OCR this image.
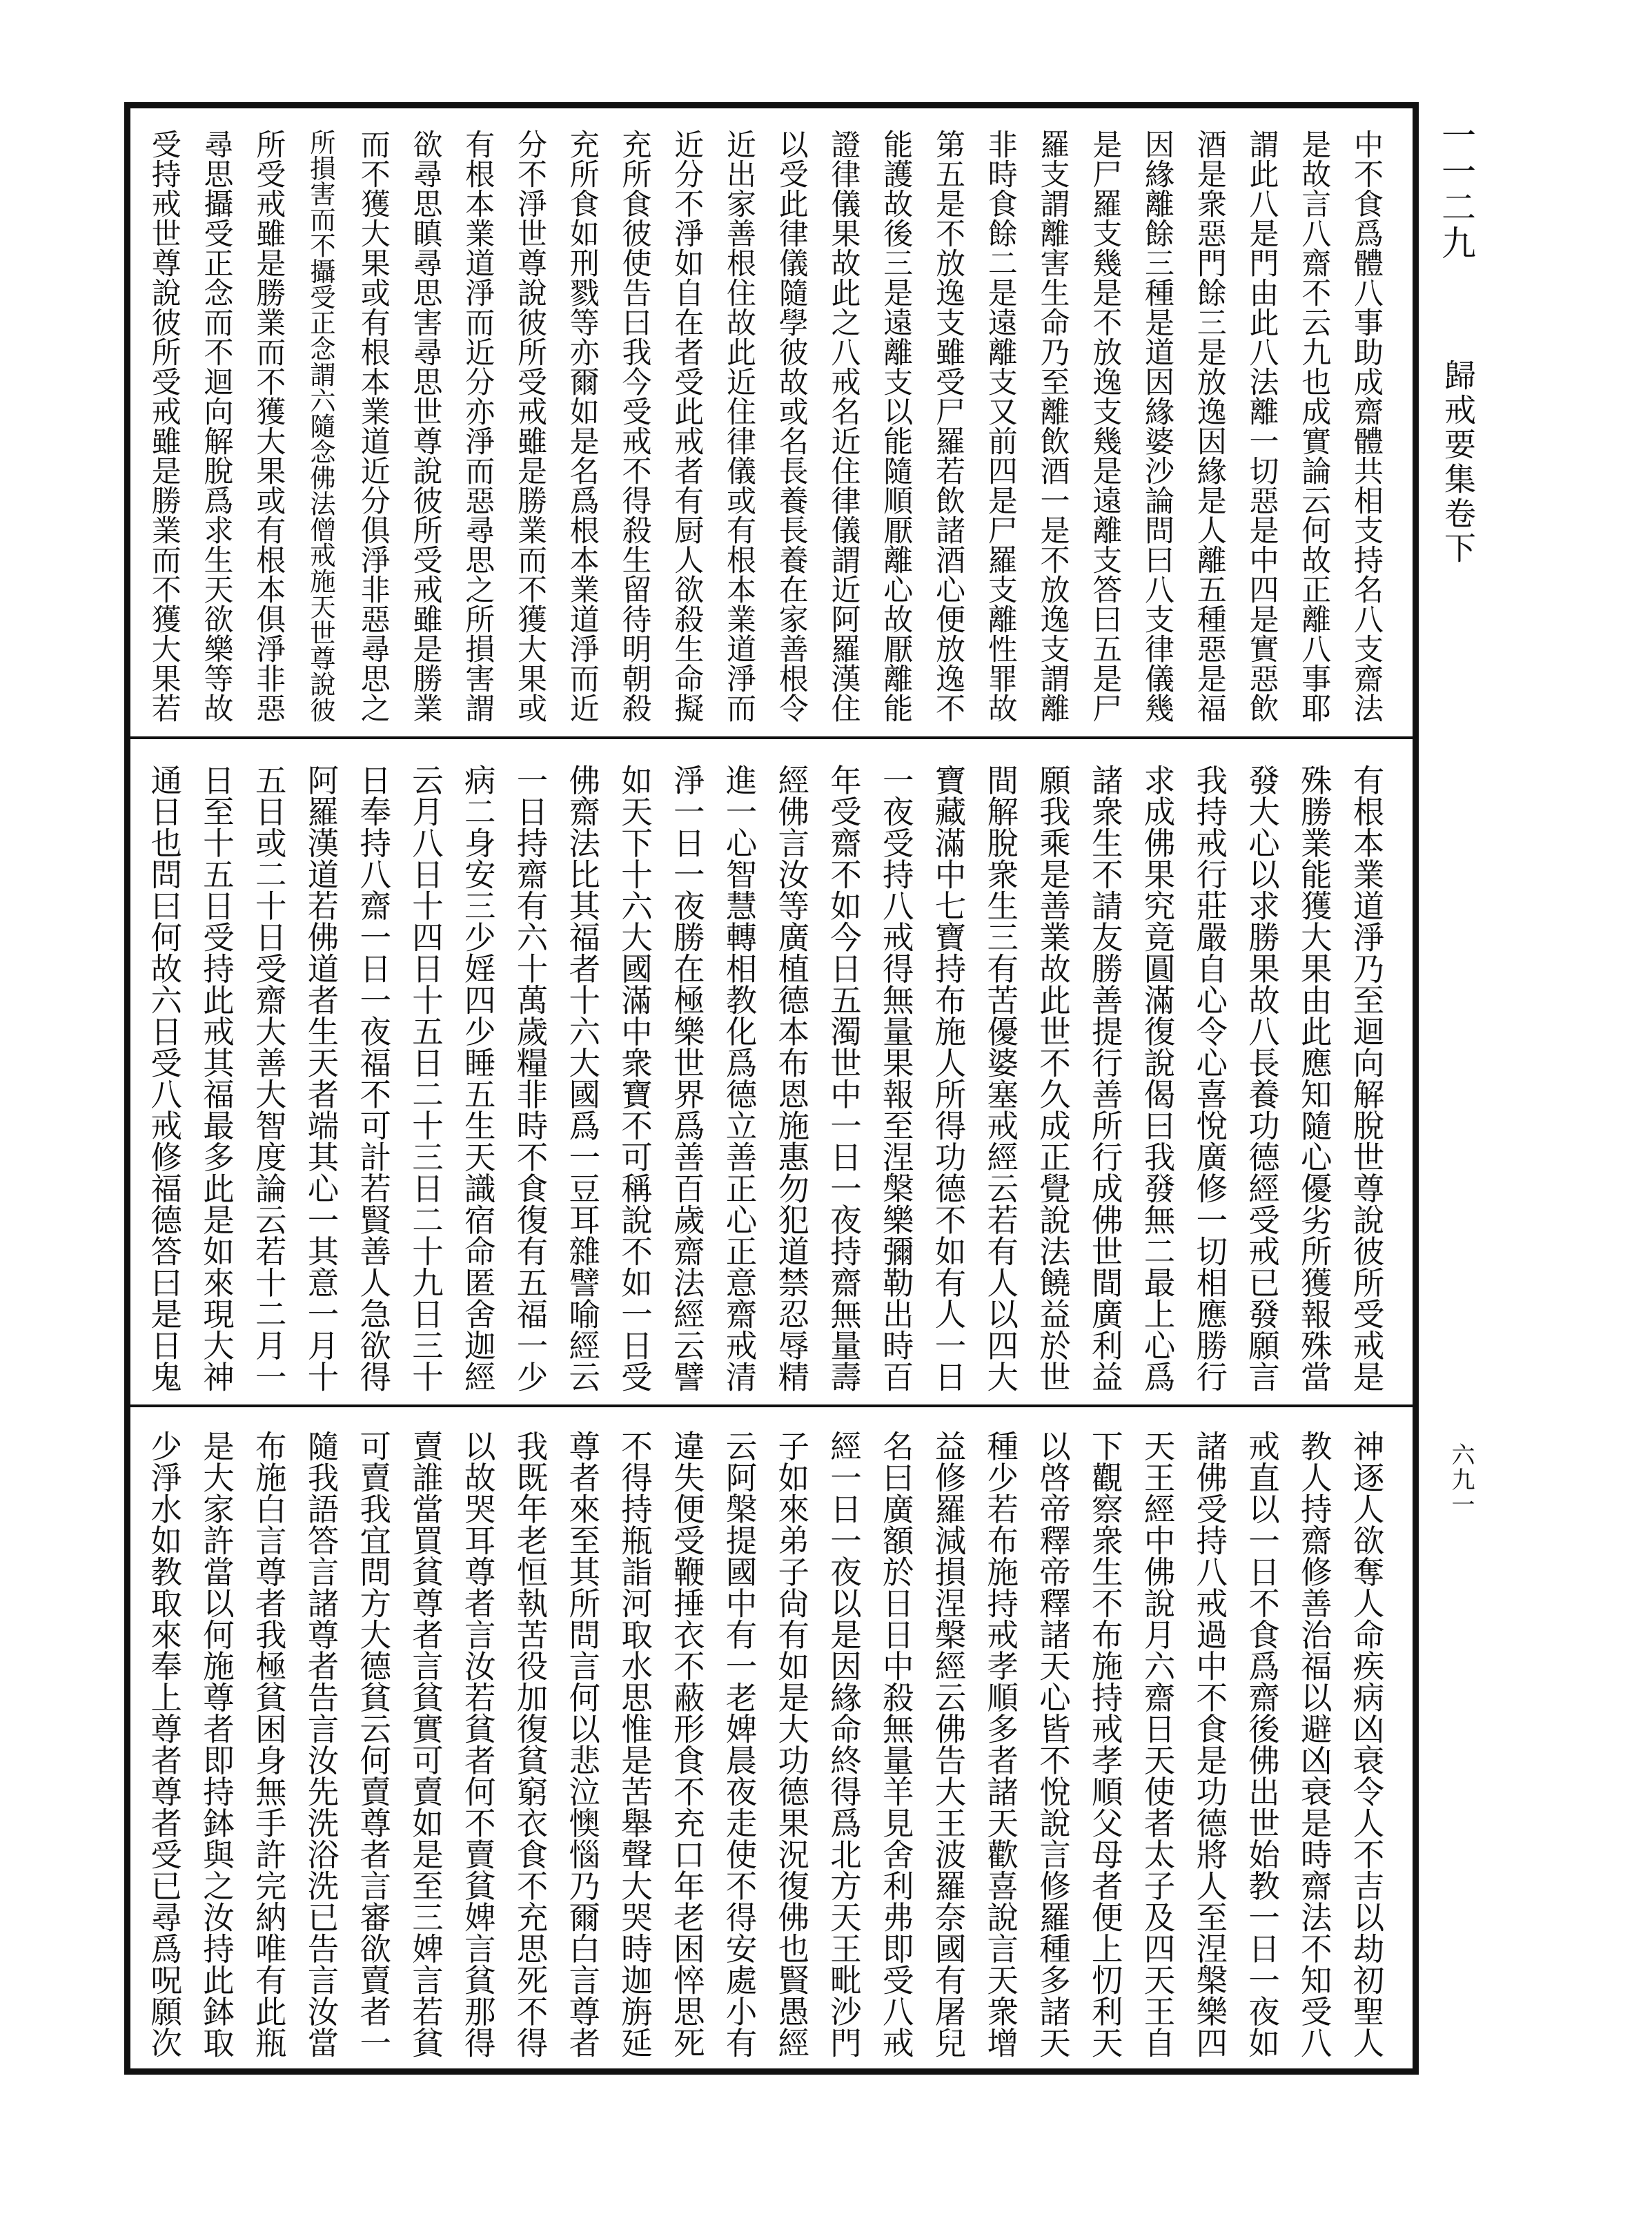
一一二九
歸戒要集卷下
中不食爲體八事助成齋體共相支持名八支齋法
是故言八齋不云九也成實論云何故正離八事耶
謂此八是門由此八法離一切惡是中四是實惡飲
酒是衆惡門餘三是放逸因緣是人離五種惡是福
因緣離餘三種是道因緣婆沙論問曰八支律儀幾
是尸羅支幾是不放逸支幾是遠離支答曰五是尸
羅支謂離害生命乃至離飲酒一是不放逸支謂離
非時食餘二是遠離支又前四是尸羅支離性罪故
第五是不放逸支雖受尸羅若飲諸酒心便放逸不
能護故後三是遠離支以能隨順厭離心故厭離能
證律儀果故此之八戒名近住律儀謂近阿羅漢住
以受此律儀隨學彼故或名長養長養在家善根令
近出家善根住故此近住律儀或有根本業道淨而
近分不淨如自在者受此戒者有厨人欲殺生命擬
充所食彼使告曰我今受戒不得殺生留待明朝殺
充所食如刑戮等亦爾如是名爲根本業道淨而近
分不淨世尊說彼所受戒雖是勝業而不獲大果或
有根本業道淨而近分亦淨而惡尋思之所損害謂
欲尋思瞋尋思害尋思世尊說彼所受戒雖是勝業
而不獲大果或有根本業道近分俱淨非惡尋思之
所損害而不攝受正念謂六隨念佛法僧戒施天世尊說彼
所受戒雖是勝業而不獲大果或有根本俱淨非惡
尋思攝受正念而不迴向解脫爲求生天欲樂等故
受持戒世尊說彼所受戒雖是勝業而不獲大果若
有根本業道淨乃至迴向解脫世尊說彼所受戒是
殊勝業能獲大果由此應知隨心優劣所獲報殊當
發大心以求勝果故八長養功德經受戒已發願言
我持戒行莊嚴自心令心喜悅廣修一切相應勝行
求成佛果究竟圓滿復說偈曰我發無二最上心爲
諸衆生不請友勝善提行善所行成佛世間廣利益
願我乘是善業故此世不久成正覺說法饒益於世
間解脫衆生三有苦優婆塞戒經云若有人以四大
寶藏滿中七寶持布施人所得功德不如有人一日
一夜受持八戒得無量果報至涅槃樂彌勒出時百
年受齋不如今日五濁世中一日一夜持齋無量壽
經佛言汝等廣植德本布恩施惠勿犯道禁忍辱精
進一心智慧轉相教化爲德立善正心正意齋戒清
淨一日一夜勝在極樂世界爲善百歲齋法經云譬
如天下十六大國滿中衆寶不可稱說不如一日受
佛齋法比其福者十六大國爲一豆耳雜譬喻經云
一日持齋有六十萬歲糧非時不食復有五福一少
病二身安三少婬四少睡五生天識宿命匿舍迦經
云月八日十四日十五日二十三日二十九日三十
日奉持八齋一日一夜福不可計若賢善人急欲得
阿羅漢道若佛道者生天者端其心一其意一月十
五日或二十日受齋大善大智度論云若十二月一
日至十五日受持此戒其福最多此是如來現大神
通日也問曰何故六日受八戒修福德答曰是日鬼
神逐人欲奪人命疾病凶衰令人不吉以劫初聖人
教人持齋修善治福以避凶衰是時齋法不知受八
戒直以一日不食爲齋後佛出世始教一日一夜如
諸佛受持八戒過中不食是功德將人至涅槃樂四
天王經中佛說月六齋日天使者太子及四天王自
下觀察衆生不布施持戒孝順父母者便上忉利天
以啓帝釋帝釋諸天心皆不悅說言修羅種多諸天
種少若布施持戒孝順多者諸天歡喜說言天衆增
益修羅減損涅槃經云佛告大王波羅奈國有屠兒
名曰廣額於日日中殺無量羊見舍利弗即受八戒
經一日一夜以是因緣命終得爲北方天王毗沙門
子如來弟子尙有如是大功德果況復佛也賢愚經
云阿槃提國中有一老婢晨夜走使不得安處小有
違失便受鞭捶衣不蔽形食不充口年老困悴思死
不得持瓶詣河取水思惟是苦舉聲大哭時迦旃延
尊者來至其所問言何以悲泣懊惱乃爾白言尊者
我既年老恒執苦役加復貧窮衣食不充思死不得
以故哭耳尊者言汝若貧者何不賣貧婢言貧那得
賣誰當買貧尊者言貧實可賣如是至三婢言若貧
可賣我宜問方大德貧云何賣尊者言審欲賣者一
隨我語答言諸尊者告言汝先洗浴洗已告言汝當
布施白言尊者我極貧困身無手許完納唯有此瓶
是大家許當以何施尊者即持鉢與之汝持此鉢取
少淨水如教取來奉上尊者尊者受已尋爲呪願次	六九一
